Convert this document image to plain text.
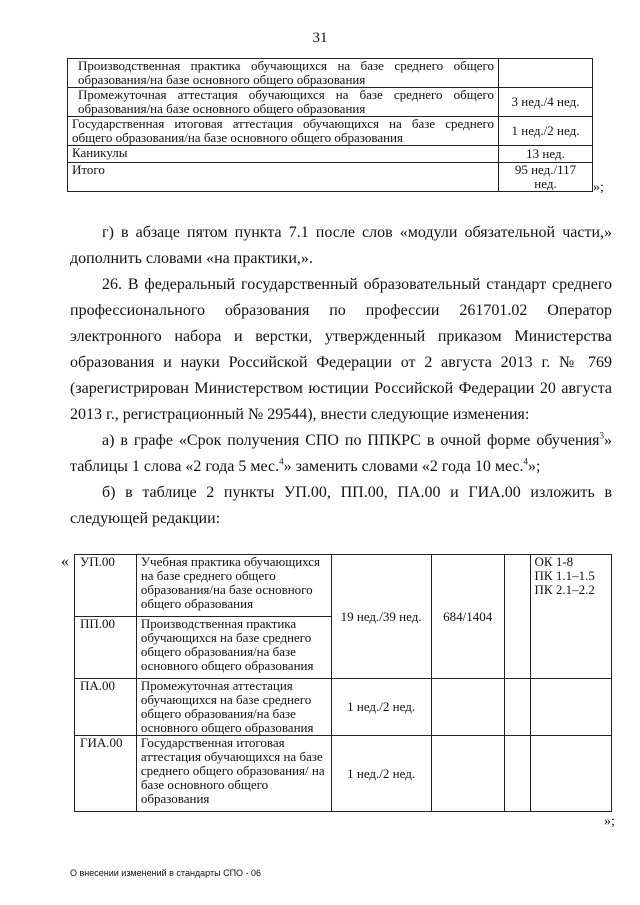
31
Производственная практика обучающихся на базе среднего общего образования/на базе основного общего образования	
Промежуточная аттестация обучающихся на базе среднего общего образования/на базе основного общего образования	3 нед./4 нед.
Государственная итоговая аттестация обучающихся на базе среднего общего образования/на базе основного общего образования	1 нед./2 нед.
Каникулы	13 нед.
Итого	95 нед./117 нед.	»;
г) в абзаце пятом пункта 7.1 после слов «модули обязательной части,» дополнить словами «на практики,».
26. В федеральный государственный образовательный стандарт среднего профессионального образования по профессии 261701.02 Оператор электронного набора и верстки, утвержденный приказом Министерства образования и науки Российской Федерации от 2 августа 2013 г. № 769 (зарегистрирован Министерством юстиции Российской Федерации 20 августа 2013 г., регистрационный № 29544), внести следующие изменения:
а) в графе «Срок получения СПО по ППКРС в очной форме обучения$^3$» таблицы 1 слова «2 года 5 мес.$^4$» заменить словами «2 года 10 мес.$^4$»;
б) в таблице 2 пункты УП.00, ПП.00, ПА.00 и ГИА.00 изложить в следующей редакции:
« УП.00	Учебная практика обучающихся на базе среднего общего образования/на базе основного общего образования	19 нед./39 нед.	684/1404		ОК 1-8
ПК 1.1–1.5
ПК 2.1–2.2

ПП.00	Производственная практика обучающихся на базе среднего общего образования/на базе основного общего образования				
ПА.00	Промежуточная аттестация обучающихся на базе среднего общего образования/на базе основного общего образования	1 нед./2 нед.			
ГИА.00	Государственная итоговая аттестация обучающихся на базе среднего общего образования/ на базе основного общего образования	1 нед./2 нед.			
»;
О внесении изменений в стандарты СПО - 06
